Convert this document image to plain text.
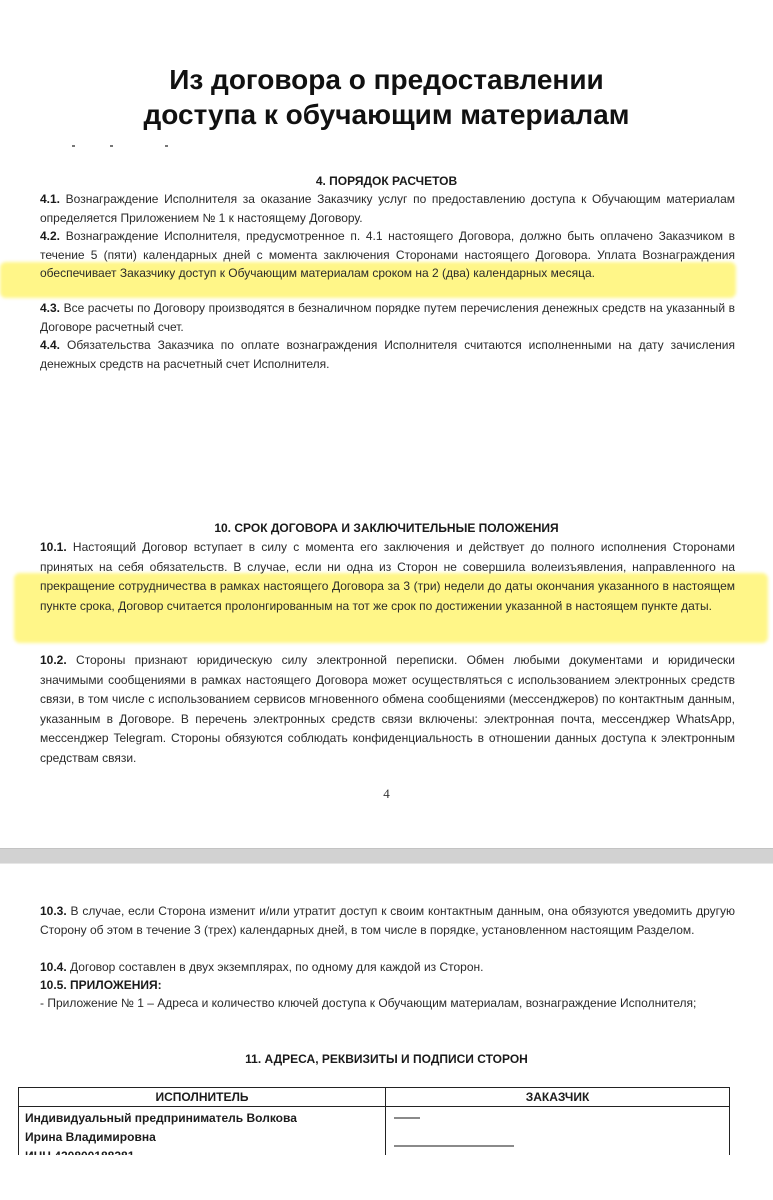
Из договора о предоставлении
доступа к обучающим материалам
4. ПОРЯДОК РАСЧЕТОВ
4.1. Вознаграждение Исполнителя за оказание Заказчику услуг по предоставлению доступа к Обучающим материалам определяется Приложением № 1 к настоящему Договору.
4.2. Вознаграждение Исполнителя, предусмотренное п. 4.1 настоящего Договора, должно быть оплачено Заказчиком в течение 5 (пяти) календарных дней с момента заключения Сторонами настоящего Договора. Уплата Вознаграждения обеспечивает Заказчику доступ к Обучающим материалам сроком на 2 (два) календарных месяца.
4.3. Все расчеты по Договору производятся в безналичном порядке путем перечисления денежных средств на указанный в Договоре расчетный счет.
4.4. Обязательства Заказчика по оплате вознаграждения Исполнителя считаются исполненными на дату зачисления денежных средств на расчетный счет Исполнителя.
10. СРОК ДОГОВОРА И ЗАКЛЮЧИТЕЛЬНЫЕ ПОЛОЖЕНИЯ
10.1. Настоящий Договор вступает в силу с момента его заключения и действует до полного исполнения Сторонами принятых на себя обязательств. В случае, если ни одна из Сторон не совершила волеизъявления, направленного на прекращение сотрудничества в рамках настоящего Договора за 3 (три) недели до даты окончания указанного в настоящем пункте срока, Договор считается пролонгированным на тот же срок по достижении указанной в настоящем пункте даты.
10.2. Стороны признают юридическую силу электронной переписки. Обмен любыми документами и юридически значимыми сообщениями в рамках настоящего Договора может осуществляться с использованием электронных средств связи, в том числе с использованием сервисов мгновенного обмена сообщениями (мессенджеров) по контактным данным, указанным в Договоре. В перечень электронных средств связи включены: электронная почта, мессенджер WhatsApp, мессенджер Telegram. Стороны обязуются соблюдать конфиденциальность в отношении данных доступа к электронным средствам связи.
4
10.3. В случае, если Сторона изменит и/или утратит доступ к своим контактным данным, она обязуются уведомить другую Сторону об этом в течение 3 (трех) календарных дней, в том числе в порядке, установленном настоящим Разделом.
10.4. Договор составлен в двух экземплярах, по одному для каждой из Сторон.
10.5. ПРИЛОЖЕНИЯ:
- Приложение № 1 – Адреса и количество ключей доступа к Обучающим материалам, вознаграждение Исполнителя;
11. АДРЕСА, РЕКВИЗИТЫ И ПОДПИСИ СТОРОН
ИСПОЛНИТЕЛЬ	ЗАКАЗЧИК

Индивидуальный предприниматель Волкова
Ирина Владимировна	
